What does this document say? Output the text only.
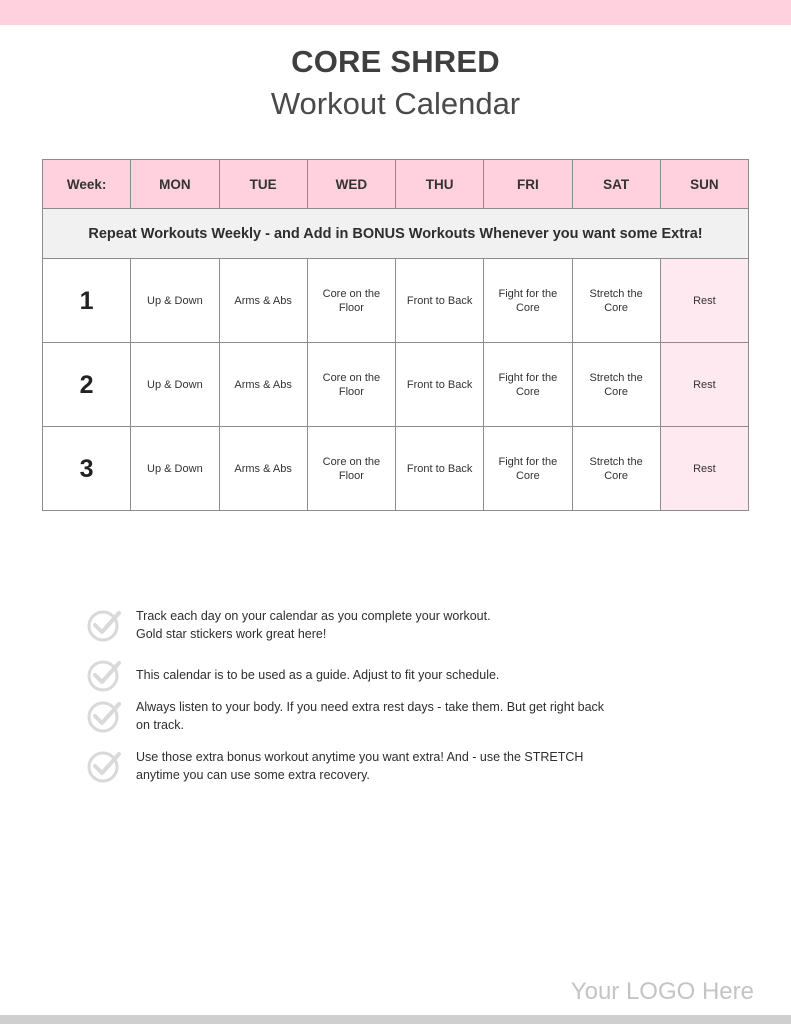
CORE SHRED
Workout Calendar
Week:	MON	TUE	WED	THU	FRI	SAT	SUN
Repeat Workouts Weekly - and Add in BONUS Workouts Whenever you want some Extra!							
1	Up & Down	Arms & Abs	Core on the Floor	Front to Back	Fight for the Core	Stretch the Core	Rest
2	Up & Down	Arms & Abs	Core on the Floor	Front to Back	Fight for the Core	Stretch the Core	Rest
3	Up & Down	Arms & Abs	Core on the Floor	Front to Back	Fight for the Core	Stretch the Core	Rest
Track each day on your calendar as you complete your workout.
Gold star stickers work great here!
This calendar is to be used as a guide. Adjust to fit your schedule.
Always listen to your body. If you need extra rest days - take them. But get right back
on track.
Use those extra bonus workout anytime you want extra! And - use the STRETCH
anytime you can use some extra recovery.
Your LOGO Here
